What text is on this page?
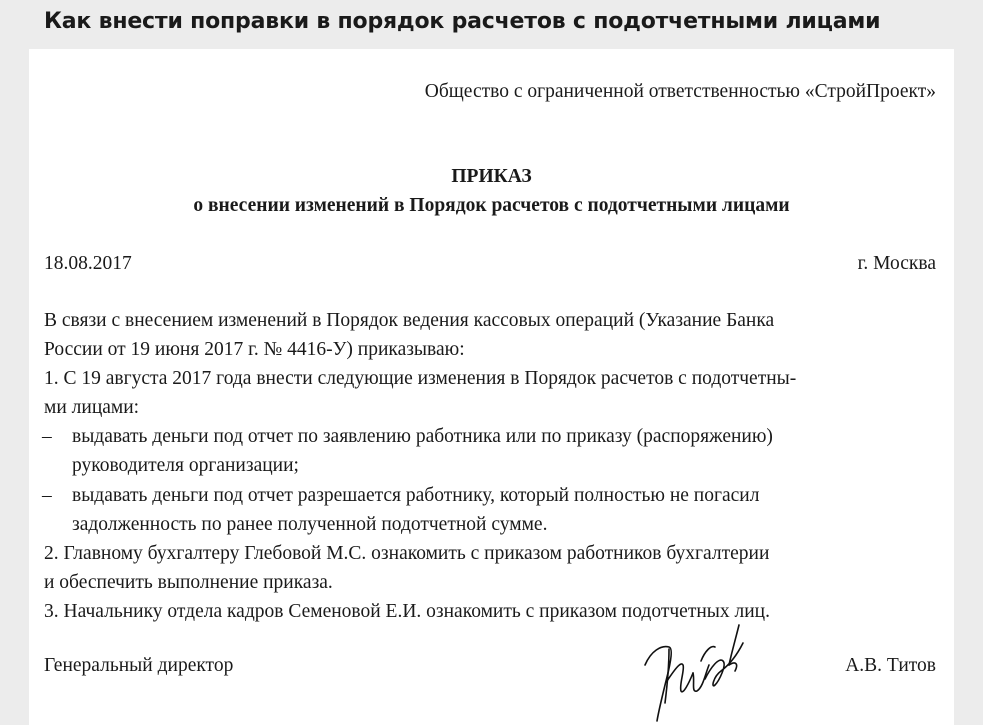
Как внести поправки в порядок расчетов с подотчетными лицами
Общество с ограниченной ответственностью «СтройПроект»
ПРИКАЗ
о внесении изменений в Порядок расчетов с подотчетными лицами
18.08.2017	г. Москва
В связи с внесением изменений в Порядок ведения кассовых операций (Указание Банка
России от 19 июня 2017 г. № 4416-У) приказываю:
1. С 19 августа 2017 года внести следующие изменения в Порядок расчетов с подотчетны-
ми лицами:
– выдавать деньги под отчет по заявлению работника или по приказу (распоряжению)
руководителя организации;
– выдавать деньги под отчет разрешается работнику, который полностью не погасил
задолженность по ранее полученной подотчетной сумме.
2. Главному бухгалтеру Глебовой М.С. ознакомить с приказом работников бухгалтерии
и обеспечить выполнение приказа.
3. Начальнику отдела кадров Семеновой Е.И. ознакомить с приказом подотчетных лиц.
Генеральный директор	А.В. Титов
